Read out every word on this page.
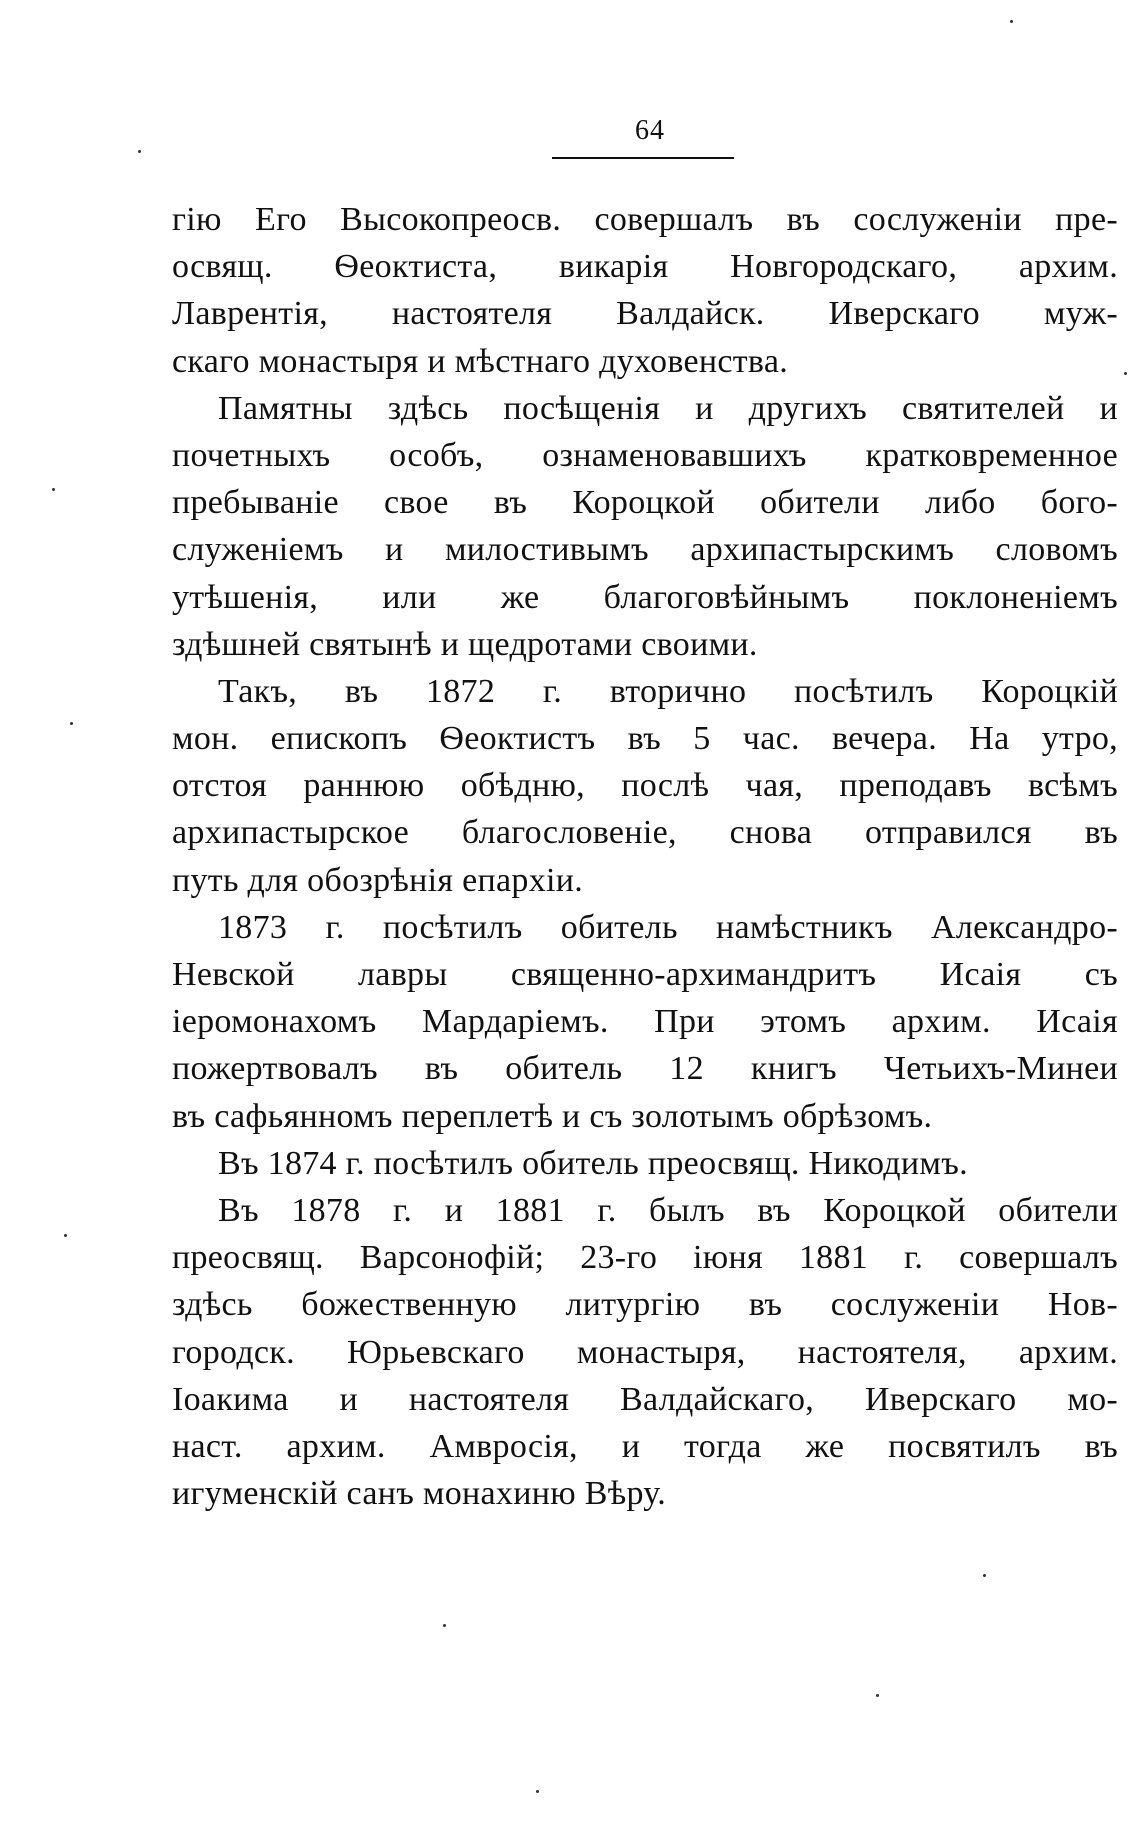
64
гію Его Высокопреосв. совершалъ въ сослуженіи пре-
освящ. Ѳеоктиста, викарія Новгородскаго, архим.
Лаврентія, настоятеля Валдайск. Иверскаго муж-
скаго монастыря и мѣстнаго духовенства.
Памятны здѣсь посѣщенія и другихъ святителей и
почетныхъ особъ, ознаменовавшихъ кратковременное
пребываніе свое въ Короцкой обители либо бого-
служеніемъ и милостивымъ архипастырскимъ словомъ
утѣшенія, или же благоговѣйнымъ поклоненіемъ
здѣшней святынѣ и щедротами своими.
Такъ, въ 1872 г. вторично посѣтилъ Короцкій
мон. епископъ Ѳеоктистъ въ 5 час. вечера. На утро,
отстоя раннюю обѣдню, послѣ чая, преподавъ всѣмъ
архипастырское благословеніе, снова отправился въ
путь для обозрѣнія епархіи.
1873 г. посѣтилъ обитель намѣстникъ Александро-
Невской лавры священно-архимандритъ Исаія съ
іеромонахомъ Мардаріемъ. При этомъ архим. Исаія
пожертвовалъ въ обитель 12 книгъ Четьихъ-Минеи
въ сафьянномъ переплетѣ и съ золотымъ обрѣзомъ.
Въ 1874 г. посѣтилъ обитель преосвящ. Никодимъ.
Въ 1878 г. и 1881 г. былъ въ Короцкой обители
преосвящ. Варсонофій; 23-го іюня 1881 г. совершалъ
здѣсь божественную литургію въ сослуженіи Нов-
городск. Юрьевскаго монастыря, настоятеля, архим.
Іоакима и настоятеля Валдайскаго, Иверскаго мо-
наст. архим. Амвросія, и тогда же посвятилъ въ
игуменскій санъ монахиню Вѣру.
